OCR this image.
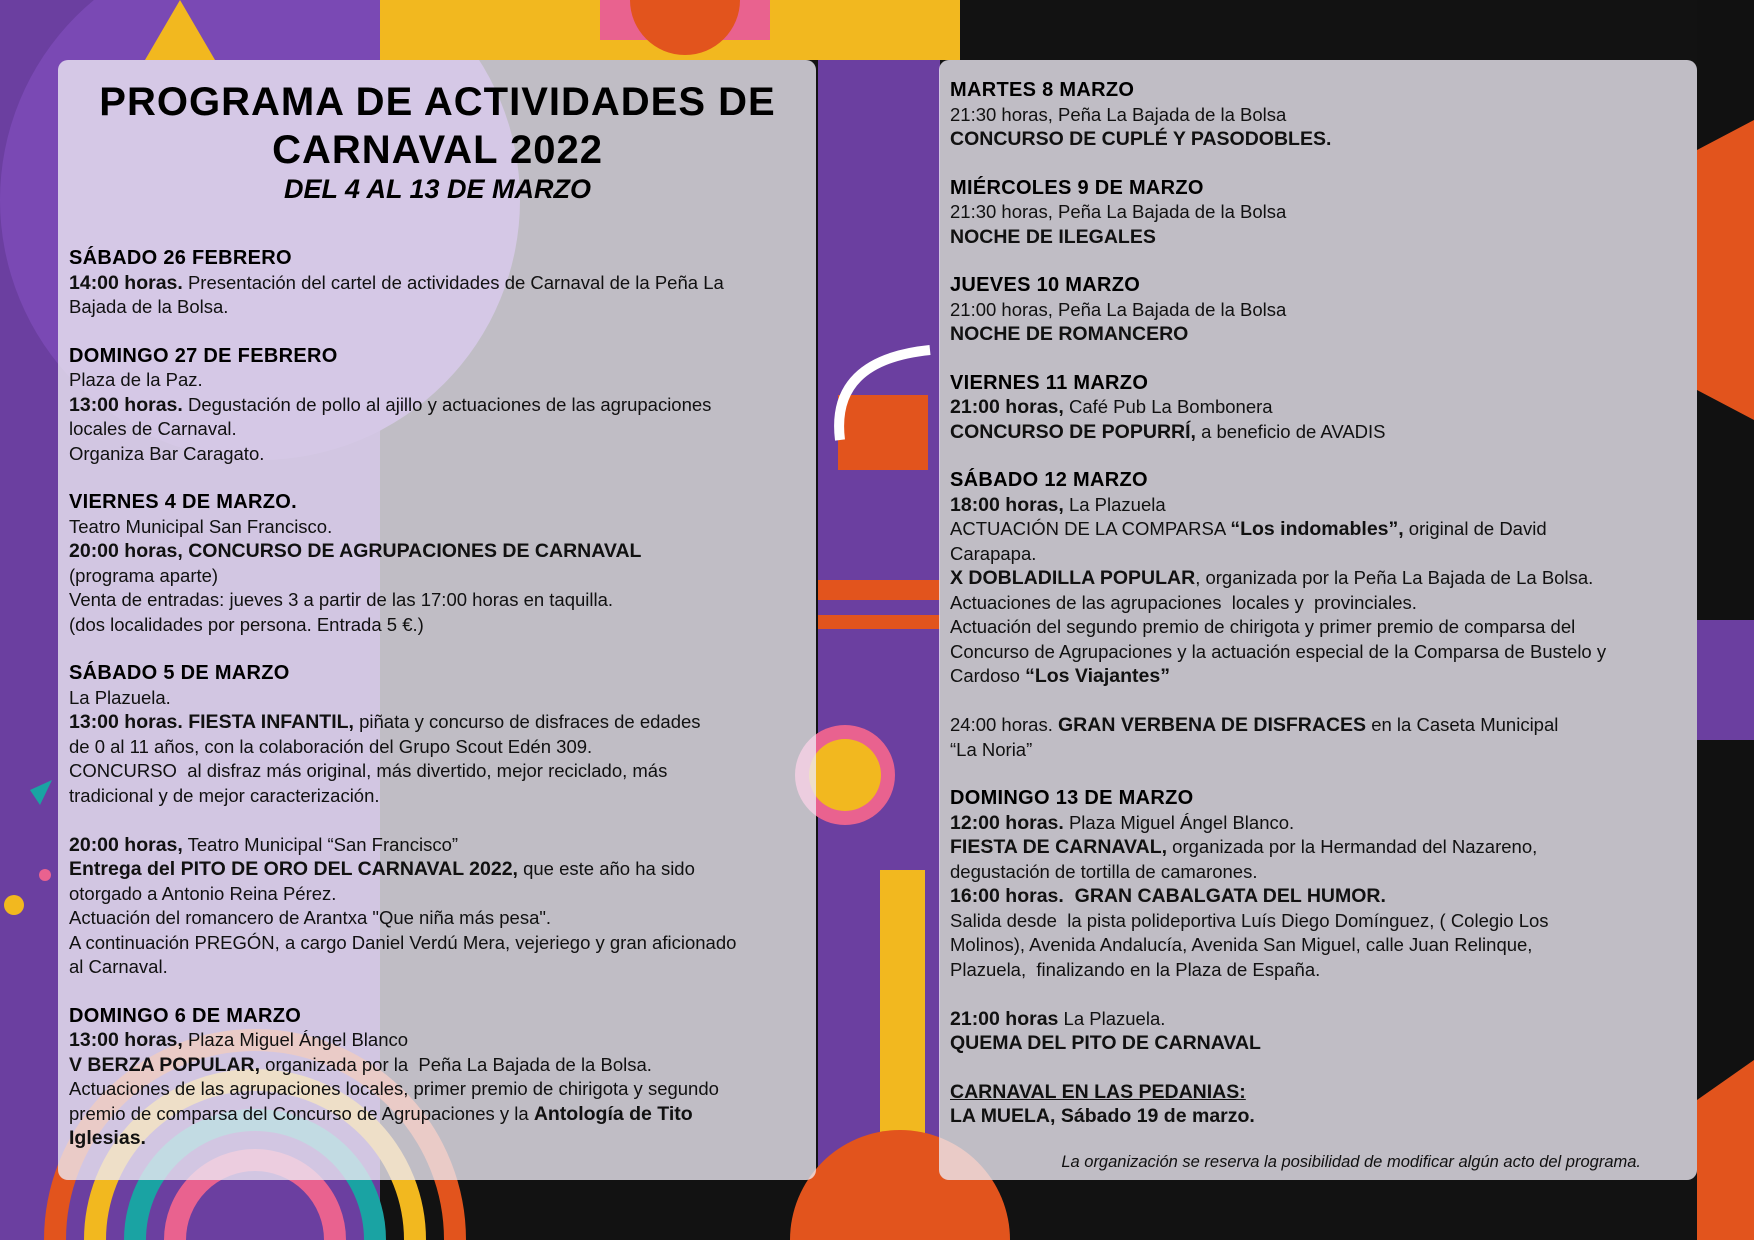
PROGRAMA DE ACTIVIDADES DE
CARNAVAL 2022
DEL 4 AL 13 DE MARZO
SÁBADO 26 FEBRERO
14:00 horas. Presentación del cartel de actividades de Carnaval de la Peña La
Bajada de la Bolsa.
DOMINGO 27 DE FEBRERO
Plaza de la Paz.
13:00 horas. Degustación de pollo al ajillo y actuaciones de las agrupaciones
locales de Carnaval.
Organiza Bar Caragato.
VIERNES 4 DE MARZO.
Teatro Municipal San Francisco.
20:00 horas, CONCURSO DE AGRUPACIONES DE CARNAVAL
(programa aparte)
Venta de entradas: jueves 3 a partir de las 17:00 horas en taquilla.
(dos localidades por persona. Entrada 5 €.)
SÁBADO 5 DE MARZO
La Plazuela.
13:00 horas. FIESTA INFANTIL, piñata y concurso de disfraces de edades
de 0 al 11 años, con la colaboración del Grupo Scout Edén 309.
CONCURSO  al disfraz más original, más divertido, mejor reciclado, más
tradicional y de mejor caracterización.

20:00 horas, Teatro Municipal “San Francisco”
Entrega del PITO DE ORO DEL CARNAVAL 2022, que este año ha sido
otorgado a Antonio Reina Pérez.
Actuación del romancero de Arantxa "Que niña más pesa".
A continuación PREGÓN, a cargo Daniel Verdú Mera, vejeriego y gran aficionado
al Carnaval.
DOMINGO 6 DE MARZO
13:00 horas, Plaza Miguel Ángel Blanco
V BERZA POPULAR, organizada por la  Peña La Bajada de la Bolsa.
Actuaciones de las agrupaciones locales, primer premio de chirigota y segundo
premio de comparsa del Concurso de Agrupaciones y la Antología de Tito
Iglesias.
MARTES 8 MARZO
21:30 horas, Peña La Bajada de la Bolsa
CONCURSO DE CUPLÉ Y PASODOBLES.
MIÉRCOLES 9 DE MARZO
21:30 horas, Peña La Bajada de la Bolsa
NOCHE DE ILEGALES
JUEVES 10 MARZO
21:00 horas, Peña La Bajada de la Bolsa
NOCHE DE ROMANCERO
VIERNES 11 MARZO
21:00 horas, Café Pub La Bombonera
CONCURSO DE POPURRÍ, a beneficio de AVADIS
SÁBADO 12 MARZO
18:00 horas, La Plazuela
ACTUACIÓN DE LA COMPARSA “Los indomables”, original de David
Carapapa.
X DOBLADILLA POPULAR, organizada por la Peña La Bajada de La Bolsa.
Actuaciones de las agrupaciones  locales y  provinciales.
Actuación del segundo premio de chirigota y primer premio de comparsa del
Concurso de Agrupaciones y la actuación especial de la Comparsa de Bustelo y
Cardoso “Los Viajantes”

24:00 horas. GRAN VERBENA DE DISFRACES en la Caseta Municipal
“La Noria”
DOMINGO 13 DE MARZO
12:00 horas. Plaza Miguel Ángel Blanco.
FIESTA DE CARNAVAL, organizada por la Hermandad del Nazareno,
degustación de tortilla de camarones.
16:00 horas.  GRAN CABALGATA DEL HUMOR.
Salida desde  la pista polideportiva Luís Diego Domínguez, ( Colegio Los
Molinos), Avenida Andalucía, Avenida San Miguel, calle Juan Relinque,
Plazuela,  finalizando en la Plaza de España.

21:00 horas La Plazuela.
QUEMA DEL PITO DE CARNAVAL
CARNAVAL EN LAS PEDANIAS:
LA MUELA, Sábado 19 de marzo.
La organización se reserva la posibilidad de modificar algún acto del programa.
